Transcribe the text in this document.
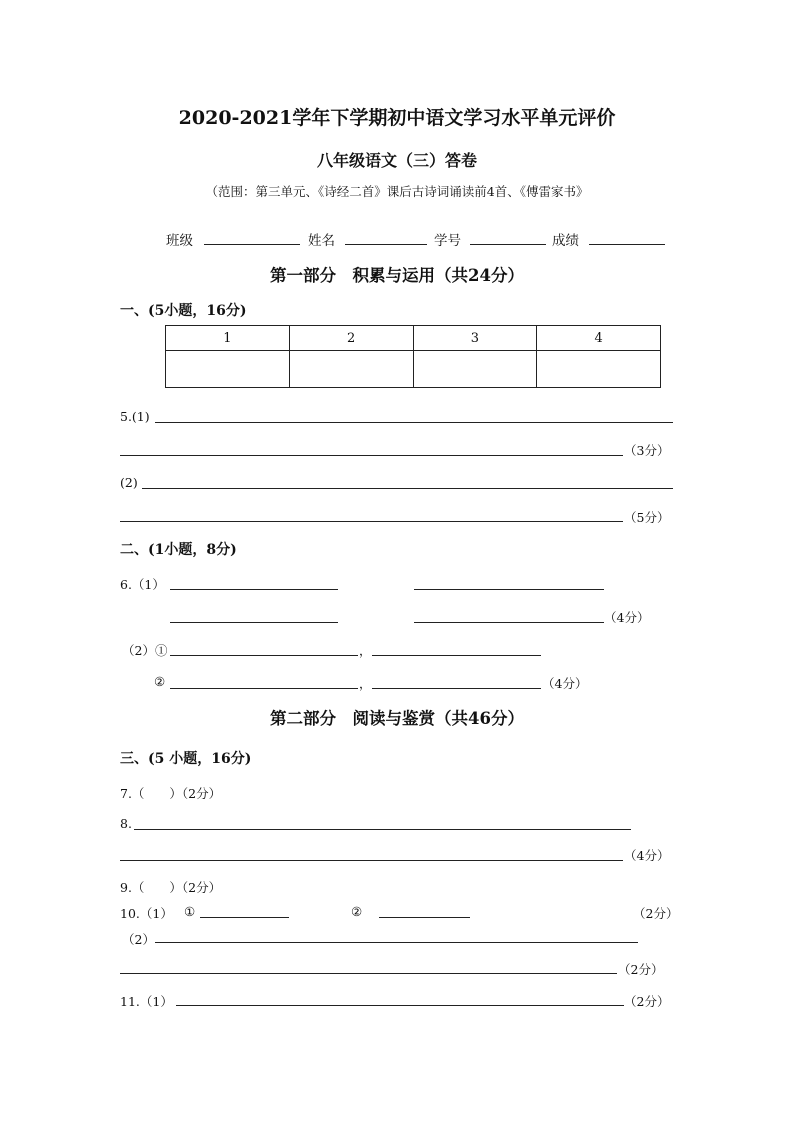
2020-2021学年下学期初中语文学习水平单元评价
八年级语文（三）答卷
（范围：第三单元、《诗经二首》课后古诗词诵读前4首、《傅雷家书》
班级	姓名	学号	成绩
第一部分　积累与运用（共24分）
一、(5小题，16分)
1	2	3	4

5.(1)
（3分）
(2)
（5分）
二、(1小题，8分)
6.（1）
（4分）
（2）①	，
②	，	（4分）
第二部分　阅读与鉴赏（共46分）
三、(5 小题，16分)
7.（　　）（2分）
8.
（4分）
9.（　　）（2分）
10.（1） ①	②	（2分）
（2）
（2分）
11.（1）	（2分）
